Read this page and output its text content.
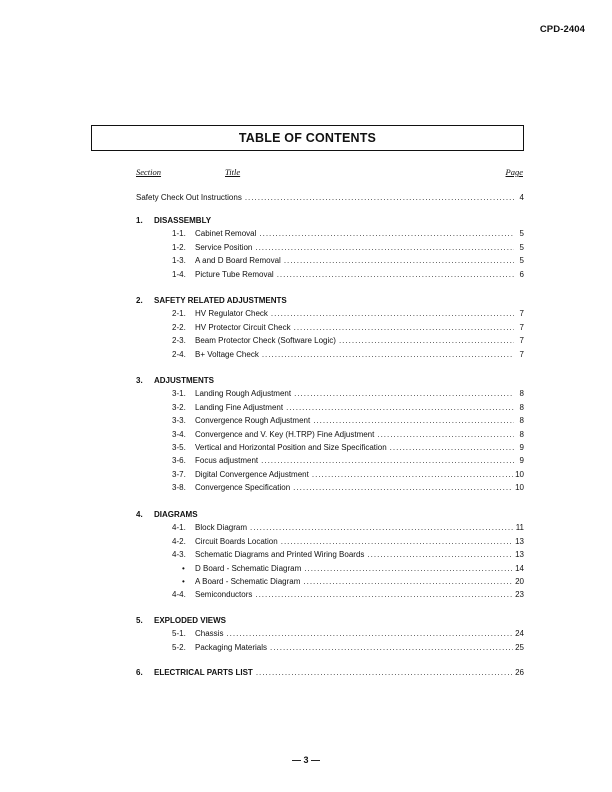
CPD-2404
TABLE OF CONTENTS
Section	Title	Page
Safety Check Out Instructions .....	4
1.	DISASSEMBLY
1-1. Cabinet Removal .....	5
1-2. Service Position .....	5
1-3. A and D Board Removal .....	5
1-4. Picture Tube Removal .....	6
2.	SAFETY RELATED ADJUSTMENTS
2-1. HV Regulator Check .....	7
2-2. HV Protector Circuit Check .....	7
2-3. Beam Protector Check (Software Logic) .....	7
2-4. B+ Voltage Check .....	7
3.	ADJUSTMENTS
3-1. Landing Rough Adjustment .....	8
3-2. Landing Fine Adjustment .....	8
3-3. Convergence Rough Adjustment .....	8
3-4. Convergence and V. Key (H.TRP) Fine Adjustment .....	8
3-5. Vertical and Horizontal Position and Size Specification .....	9
3-6. Focus adjustment .....	9
3-7. Digital Convergence Adjustment .....	10
3-8. Convergence Specification .....	10
4.	DIAGRAMS
4-1. Block Diagram .....	11
4-2. Circuit Boards Location .....	13
4-3. Schematic Diagrams and Printed Wiring Boards .....	13
• D Board - Schematic Diagram .....	14
• A Board - Schematic Diagram .....	20
4-4. Semiconductors .....	23
5.	EXPLODED VIEWS
5-1. Chassis .....	24
5-2. Packaging Materials .....	25
6.	ELECTRICAL PARTS LIST .....	26
— 3 —
